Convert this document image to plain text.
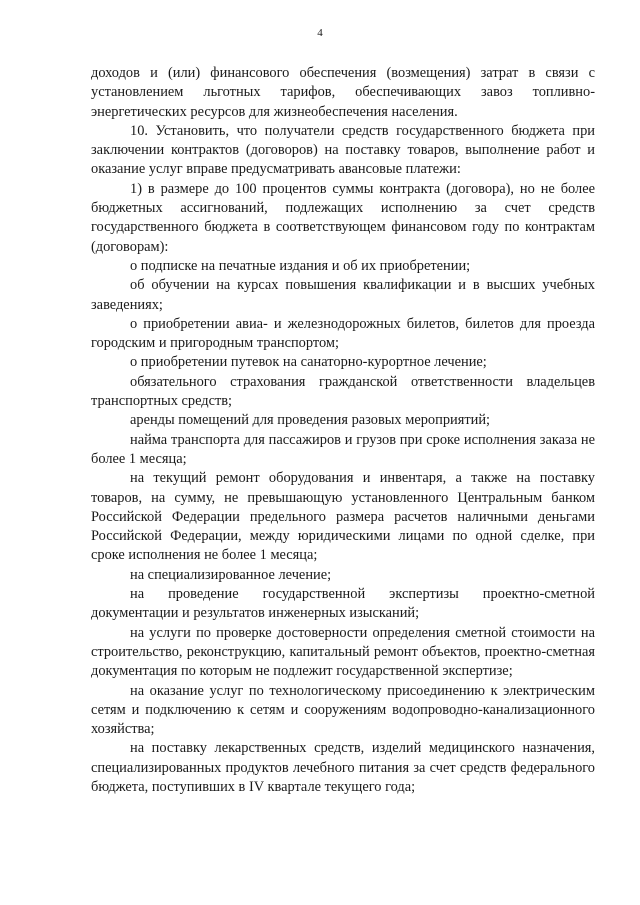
4

доходов и (или) финансового обеспечения (возмещения) затрат в связи с установлением льготных тарифов, обеспечивающих завоз топливно-энергетических ресурсов для жизнеобеспечения населения.

10. Установить, что получатели средств государственного бюджета при заключении контрактов (договоров) на поставку товаров, выполнение работ и оказание услуг вправе предусматривать авансовые платежи:

1) в размере до 100 процентов суммы контракта (договора), но не более бюджетных ассигнований, подлежащих исполнению за счет средств государственного бюджета в соответствующем финансовом году по контрактам (договорам):

о подписке на печатные издания и об их приобретении;

об обучении на курсах повышения квалификации и в высших учебных заведениях;

о приобретении авиа- и железнодорожных билетов, билетов для проезда городским и пригородным транспортом;

о приобретении путевок на санаторно-курортное лечение;

обязательного страхования гражданской ответственности владельцев транспортных средств;

аренды помещений для проведения разовых мероприятий;

найма транспорта для пассажиров и грузов при сроке исполнения заказа не более 1 месяца;

на текущий ремонт оборудования и инвентаря, а также на поставку товаров, на сумму, не превышающую установленного Центральным банком Российской Федерации предельного размера расчетов наличными деньгами Российской Федерации, между юридическими лицами по одной сделке, при сроке исполнения не более 1 месяца;

на специализированное лечение;

на проведение государственной экспертизы проектно-сметной документации и результатов инженерных изысканий;

на услуги по проверке достоверности определения сметной стоимости на строительство, реконструкцию, капитальный ремонт объектов, проектно-сметная документация по которым не подлежит государственной экспертизе;

на оказание услуг по технологическому присоединению к электрическим сетям и подключению к сетям и сооружениям водопроводно-канализационного хозяйства;

на поставку лекарственных средств, изделий медицинского назначения, специализированных продуктов лечебного питания за счет средств федерального бюджета, поступивших в IV квартале текущего года;
